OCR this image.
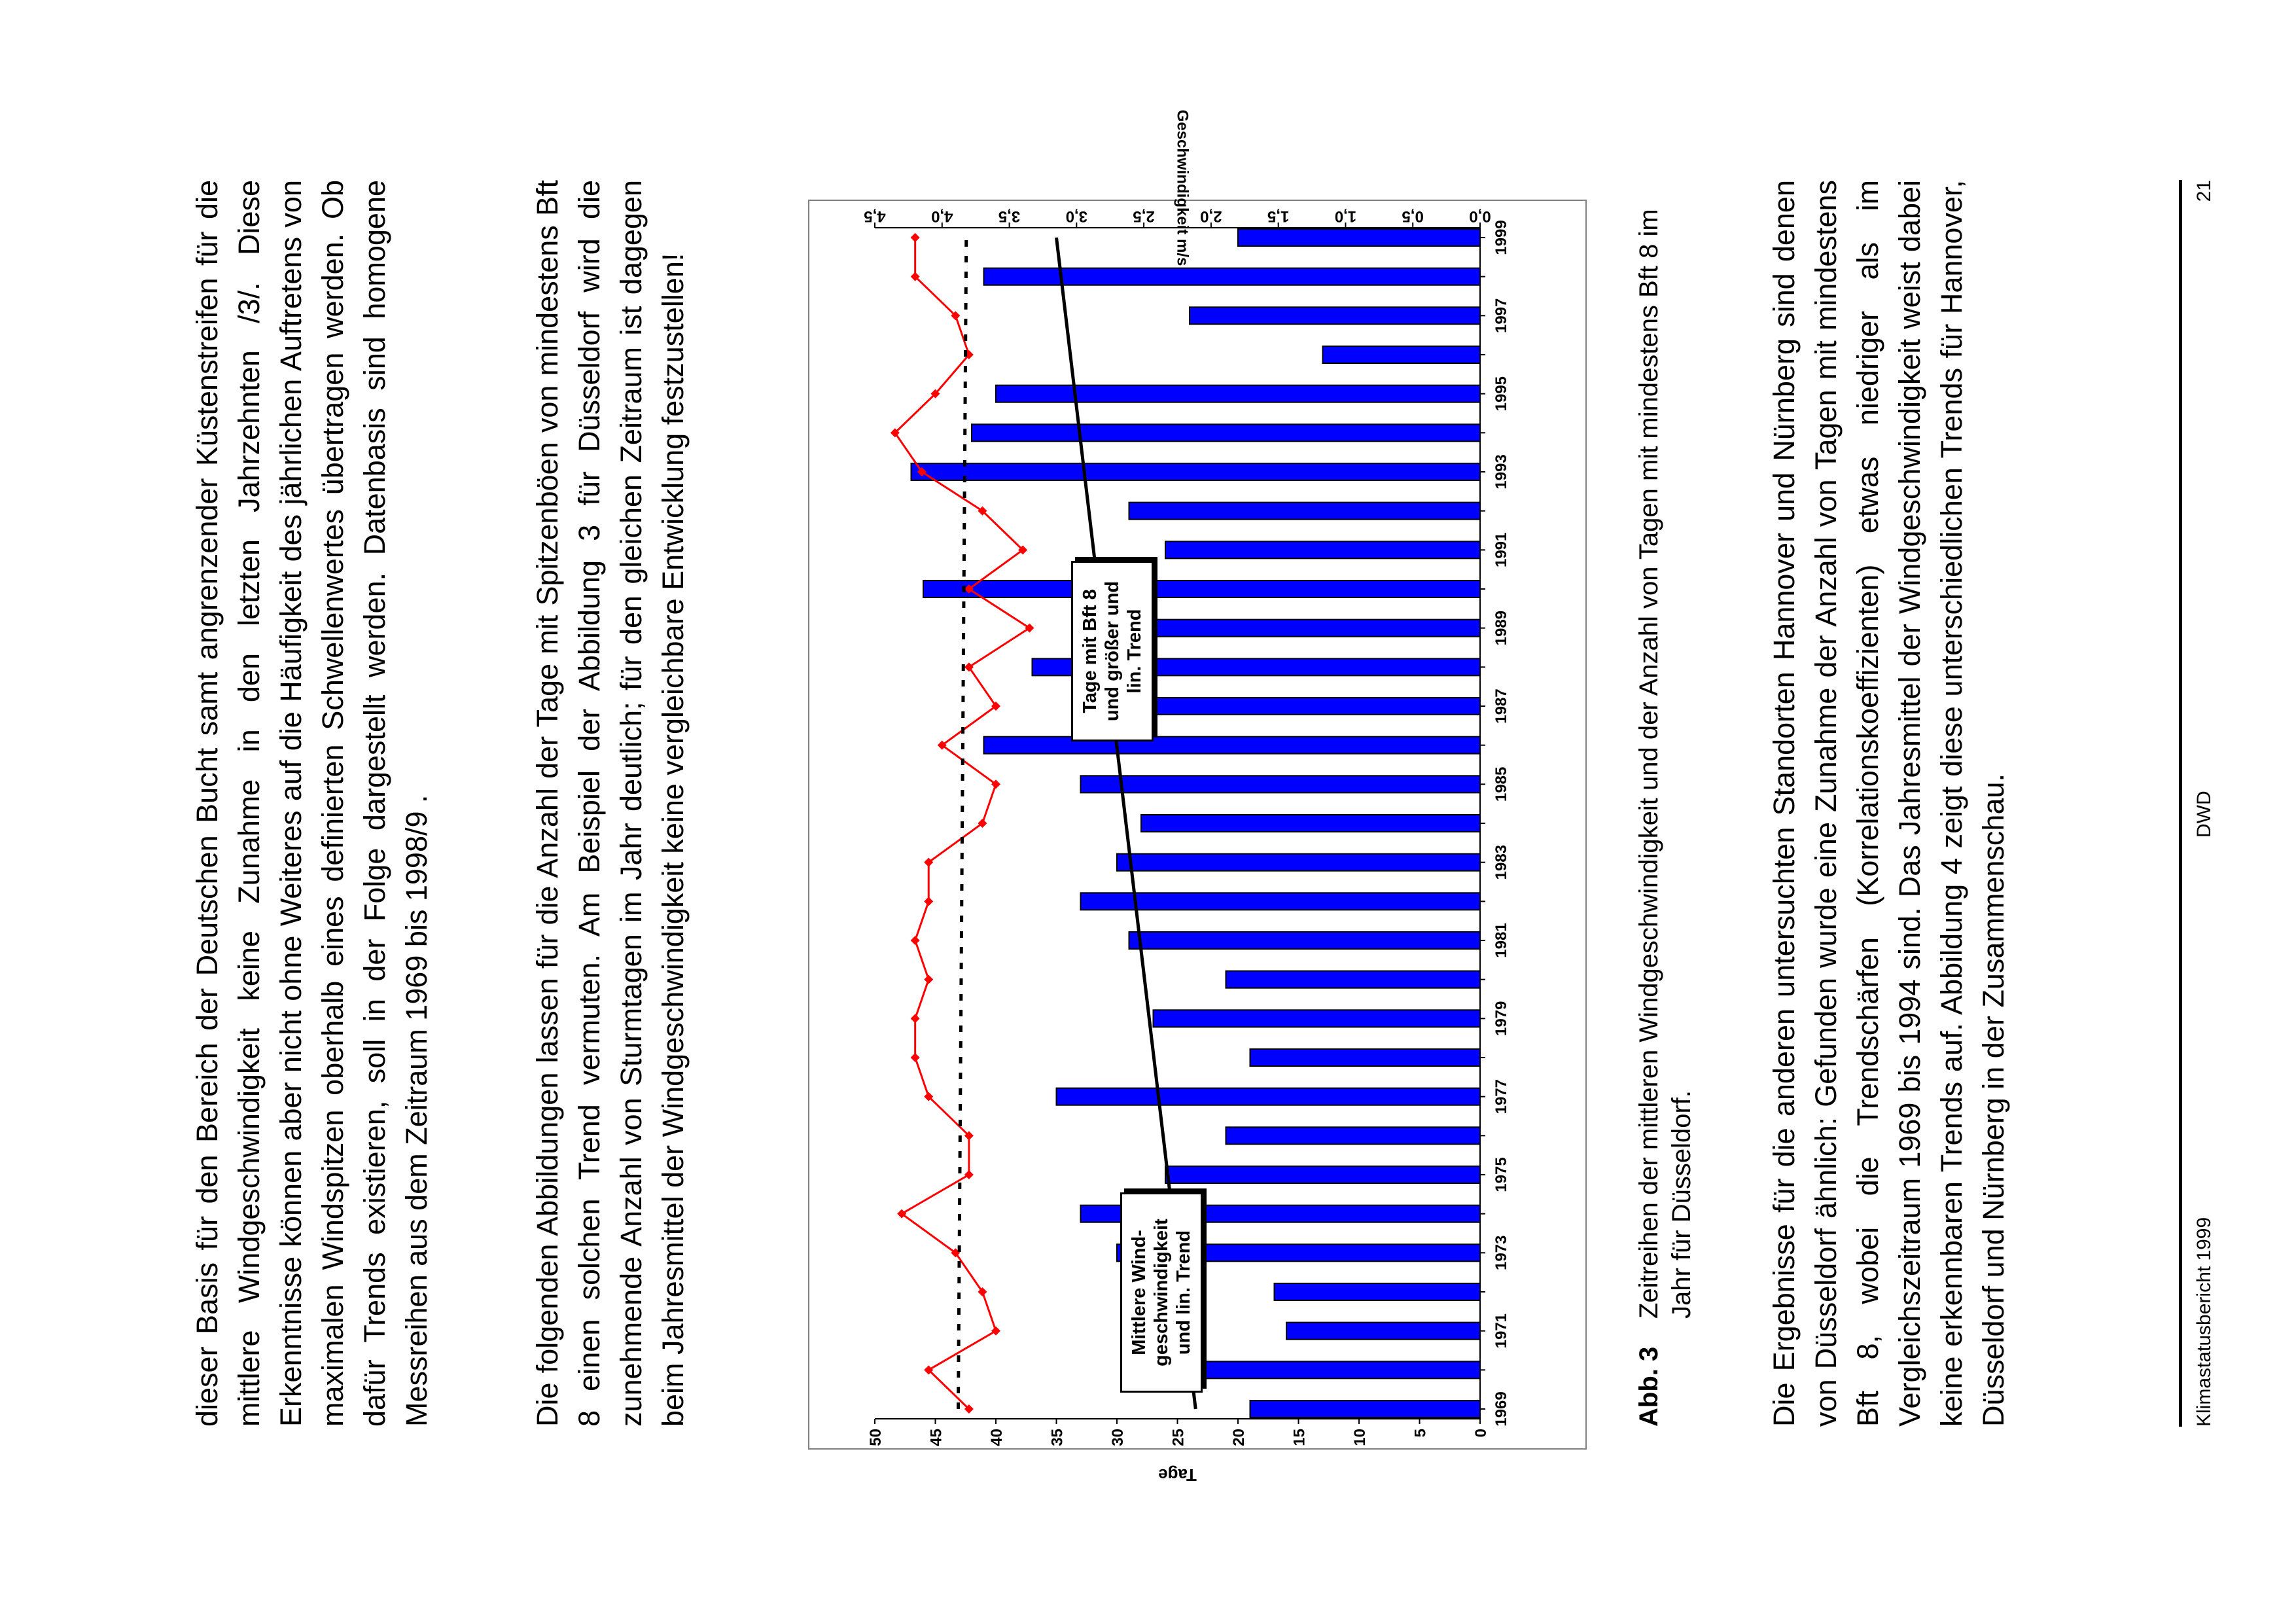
dieser Basis für den Bereich der Deutschen Bucht samt angrenzender Küstenstreifen für die mittlere Windgeschwindigkeit keine Zunahme in den letzten Jahrzehnten /3/. Diese Erkenntnisse können aber nicht ohne Weiteres auf die Häufigkeit des jährlichen Auftretens von maximalen Windspitzen oberhalb eines definierten Schwellenwertes übertragen werden. Ob dafür Trends existieren, soll in der Folge dargestellt werden. Datenbasis sind homogene Messreihen aus dem Zeitraum 1969 bis 1998/9 .	Die folgenden Abbildungen lassen für die Anzahl der Tage mit Spitzenböen von mindestens Bft 8 einen solchen Trend vermuten. Am Beispiel der Abbildung 3 für Düsseldorf wird die zunehmende Anzahl von Sturmtagen im Jahr deutlich; für den gleichen Zeitraum ist dagegen beim Jahresmittel der Windgeschwindigkeit keine vergleichbare Entwicklung festzustellen!

0
5
10
15
20
25
30
35
40
45
50
Tage
0,0
0,5
1,0
1,5
2,0
2,5
3,0
3,5
4,0
4,5	Geschwindigkeit m/s
1969
1971
1973
1975
1977
1979
1981
1983
1985
1987
1989
1991
1993
1995
1997
1999
Mittlere Wind-
geschwindigkeit
und lin. Trend
Tage mit Bft 8
und größer und
lin. Trend
Abb. 3
Zeitreihen der mittleren Windgeschwindigkeit und der Anzahl von Tagen mit mindestens Bft 8 im Jahr für Düsseldorf. Die Ergebnisse für die anderen untersuchten Standorten Hannover und Nürnberg sind denen von Düsseldorf ähnlich: Gefunden wurde eine Zunahme der Anzahl von Tagen mit mindestens Bft 8, wobei die Trendschärfen (Korrelationskoeffizienten) etwas niedriger als im Vergleichszeitraum 1969 bis 1994 sind. Das Jahresmittel der Windgeschwindigkeit weist dabei keine erkennbaren Trends auf. Abbildung 4 zeigt diese unterschiedlichen Trends für Hannover, Düsseldorf und Nürnberg in der Zusammenschau.	Klimastatusbericht 1999
DWD
21
